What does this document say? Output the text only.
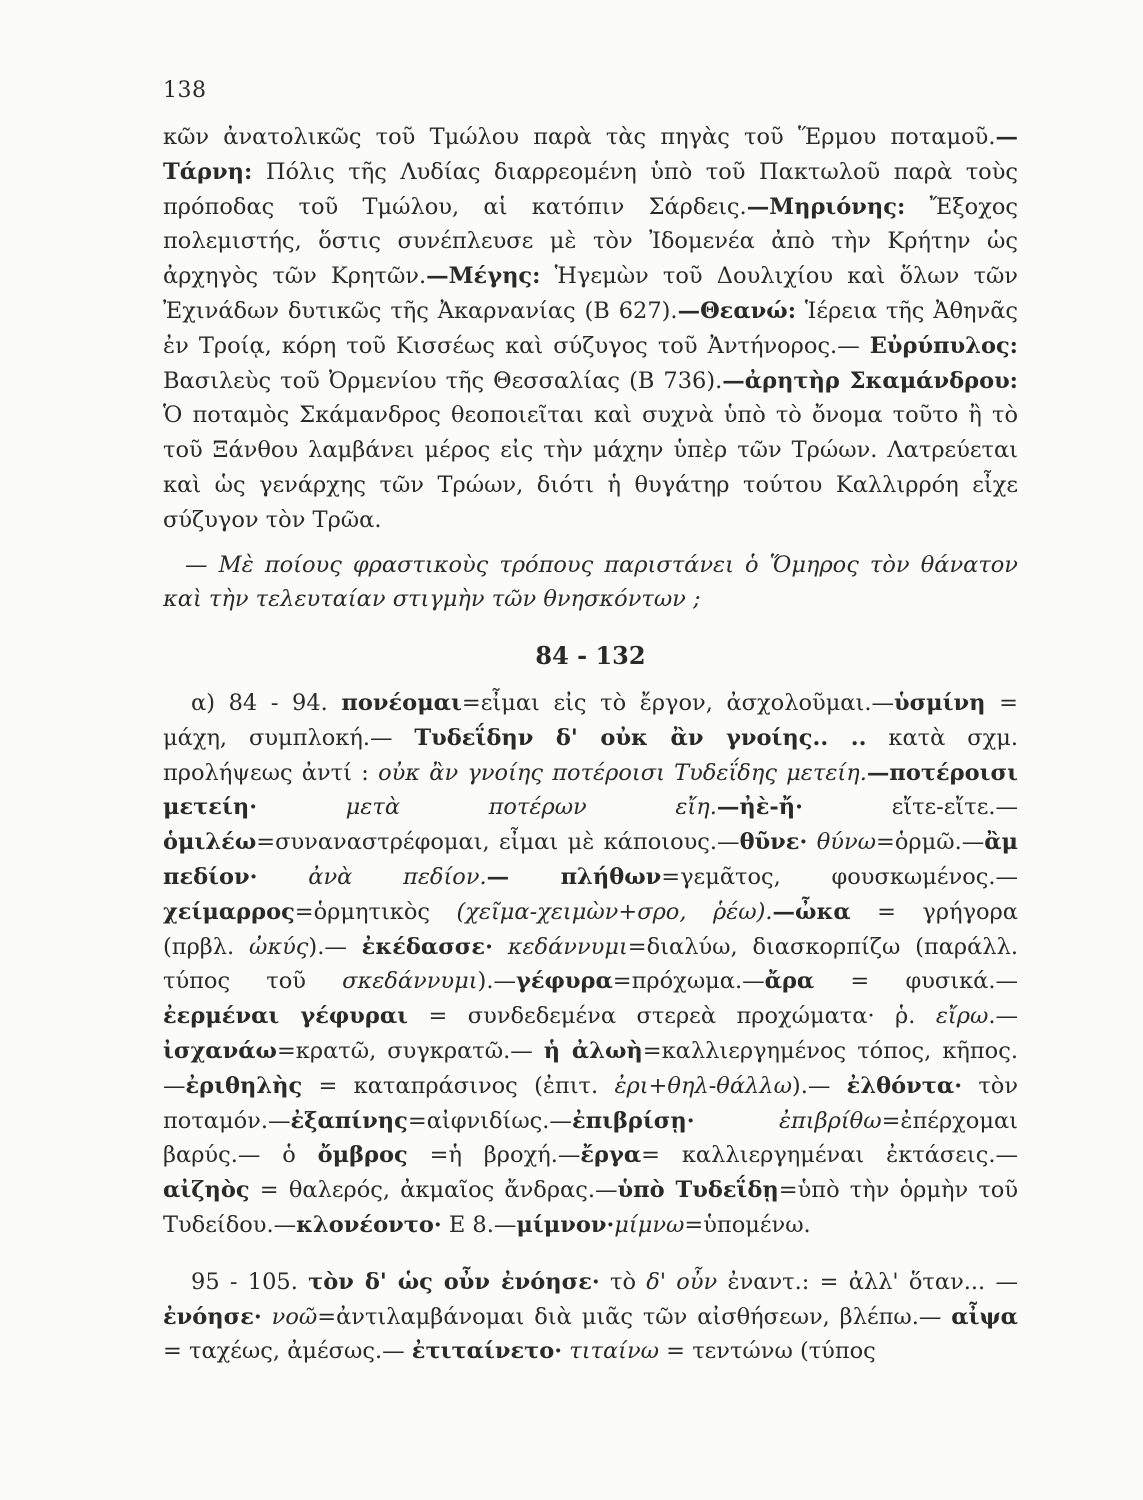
138

κῶν ἀνατολικῶς τοῦ Τμώλου παρὰ τὰς πηγὰς τοῦ Ἕρμου ποταμοῦ.—Τάρνη: Πόλις τῆς Λυδίας διαρρεομένη ὑπὸ τοῦ Πακτωλοῦ παρὰ τοὺς πρόποδας τοῦ Τμώλου, αἱ κατόπιν Σάρδεις.—Μηριόνης: Ἔξοχος πολεμιστής, ὅστις συνέπλευσε μὲ τὸν Ἰδομενέα ἀπὸ τὴν Κρήτην ὡς ἀρχηγὸς τῶν Κρητῶν.—Μέγης: Ἡγεμὼν τοῦ Δουλιχίου καὶ ὅλων τῶν Ἐχινάδων δυτικῶς τῆς Ἀκαρνανίας (Β 627).—Θεανώ: Ἱέρεια τῆς Ἀθηνᾶς ἐν Τροίᾳ, κόρη τοῦ Κισσέως καὶ σύζυγος τοῦ Ἀντήνορος.— Εὐρύπυλος: Βασιλεὺς τοῦ Ὀρμενίου τῆς Θεσσαλίας (Β 736).—ἀρητὴρ Σκαμάνδρου: Ὁ ποταμὸς Σκάμανδρος θεοποιεῖται καὶ συχνὰ ὑπὸ τὸ ὄνομα τοῦτο ἢ τὸ τοῦ Ξάνθου λαμβάνει μέρος εἰς τὴν μάχην ὑπὲρ τῶν Τρώων. Λατρεύεται καὶ ὡς γενάρχης τῶν Τρώων, διότι ἡ θυγάτηρ τούτου Καλλιρρόη εἶχε σύζυγον τὸν Τρῶα.

— Μὲ ποίους φραστικοὺς τρόπους παριστάνει ὁ Ὅμηρος τὸν θάνατον καὶ τὴν τελευταίαν στιγμὴν τῶν θνησκόντων ;

84 - 132

α) 84 - 94. πονέομαι=εἶμαι εἰς τὸ ἔργον, ἀσχολοῦμαι.—ὑσμίνη = μάχη, συμπλοκή.— Τυδεΐδην δ' οὐκ ἂν γνοίης.. .. κατὰ σχμ. προλήψεως ἀντί : οὐκ ἂν γνοίης ποτέροισι Τυδεΐδης μετείη.—ποτέροισι μετείη·	μετὰ ποτέρων εἴη.—ἠὲ-ἤ· εἴτε-εἴτε.—ὁμιλέω=συναναστρέφομαι, εἶμαι μὲ κάποιους.—θῦνε· θύνω=ὁρμῶ.—ἂμ πεδίον· ἀνὰ πεδίον.— πλήθων=γεμᾶτος, φουσκωμένος.— χείμαρρος=ὁρμητικὸς (χεῖμα-χειμὼν+σρο, ῥέω).—ὦκα = γρήγορα (πρβλ. ὠκύς).— ἐκέδασσε· κεδάννυμι=διαλύω, διασκορπίζω (παράλλ. τύπος τοῦ σκεδάννυμι).—γέφυρα=πρόχωμα.—ἄρα = φυσικά.—ἐερμέναι γέφυραι = συνδεδεμένα στερεὰ προχώματα· ῥ. εἴρω.— ἰσχανάω=κρατῶ, συγκρατῶ.— ἡ ἀλωὴ=καλλιεργημένος τόπος, κῆπος.—ἐριθηλὴς = καταπράσινος (ἐπιτ. ἐρι+θηλ-θάλλω).— ἐλθόντα· τὸν ποταμόν.—ἐξαπίνης=αἰφνιδίως.—ἐπιβρίσῃ·	ἐπιβρίθω=ἐπέρχομαι βαρύς.— ὁ ὄμβρος =ἡ βροχή.—ἔργα= καλλιεργημέναι ἐκτάσεις.— αἰζηὸς = θαλερός, ἀκμαῖος ἄνδρας.—ὑπὸ Τυδεΐδῃ=ὑπὸ τὴν ὁρμὴν τοῦ Τυδείδου.—κλονέοντο· Ε 8.—μίμνον·μίμνω=ὑπομένω.

95 - 105. τὸν δ' ὡς οὖν ἐνόησε· τὸ δ' οὖν ἐναντ.: = ἀλλ' ὅταν... —ἐνόησε· νοῶ=ἀντιλαμβάνομαι διὰ μιᾶς τῶν αἰσθήσεων, βλέπω.— αἶψα = ταχέως, ἀμέσως.— ἐτιταίνετο· τιταίνω = τεντώνω (τύπος
